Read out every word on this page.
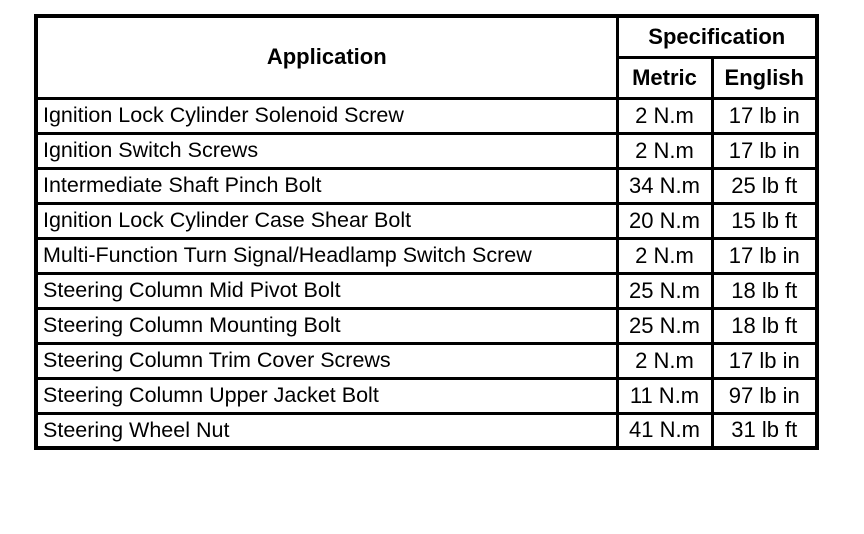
Application	Specification	
	Metric	English
Ignition Lock Cylinder Solenoid Screw	2 N.m	17 lb in
Ignition Switch Screws	2 N.m	17 lb in
Intermediate Shaft Pinch Bolt	34 N.m	25 lb ft
Ignition Lock Cylinder Case Shear Bolt	20 N.m	15 lb ft
Multi-Function Turn Signal/Headlamp Switch Screw	2 N.m	17 lb in
Steering Column Mid Pivot Bolt	25 N.m	18 lb ft
Steering Column Mounting Bolt	25 N.m	18 lb ft
Steering Column Trim Cover Screws	2 N.m	17 lb in
Steering Column Upper Jacket Bolt	11 N.m	97 lb in
Steering Wheel Nut	41 N.m	31 lb ft
